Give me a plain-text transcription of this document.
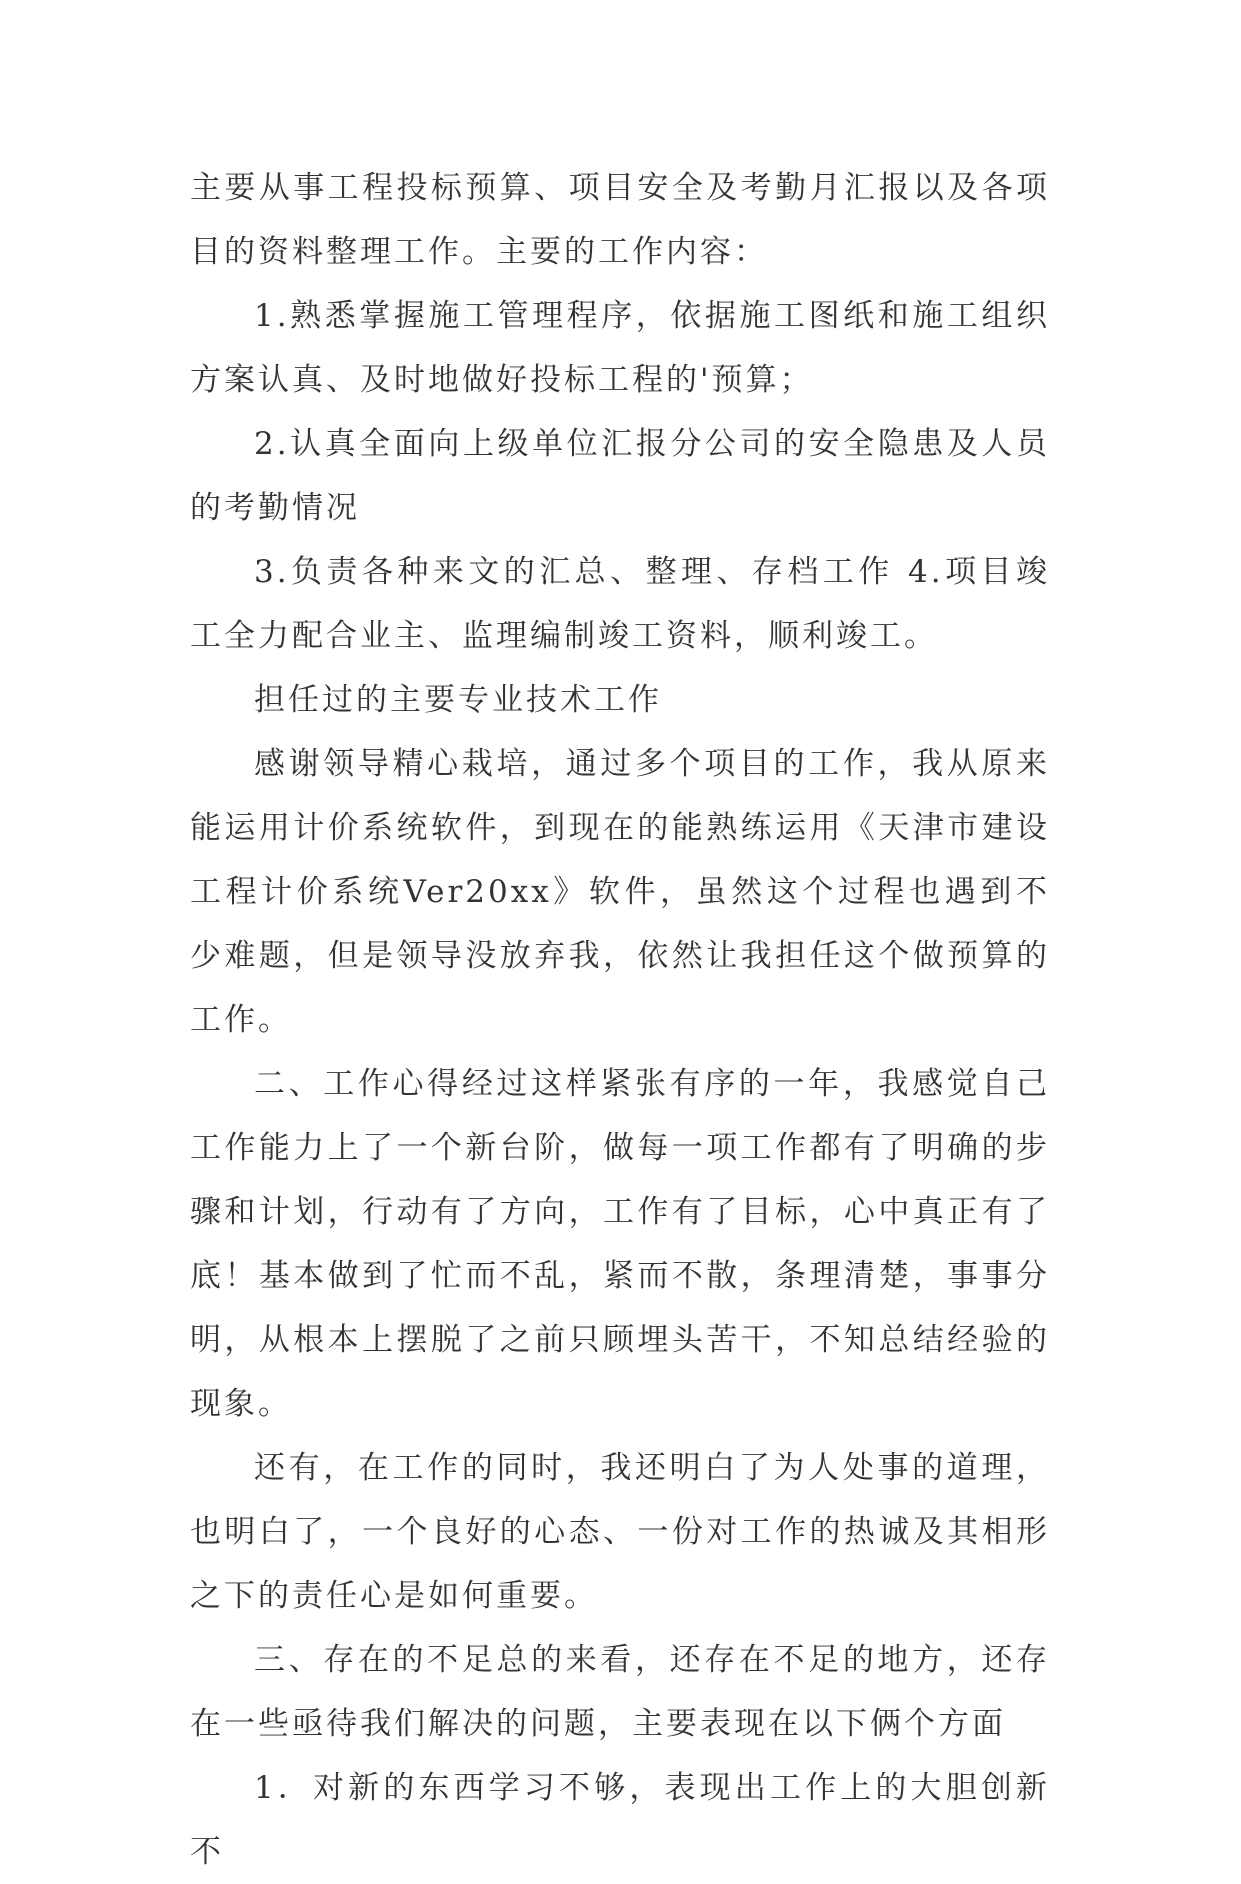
主要从事工程投标预算、项目安全及考勤月汇报以及各项目的资料整理工作。主要的工作内容：

1.熟悉掌握施工管理程序，依据施工图纸和施工组织方案认真、及时地做好投标工程的'预算；

2.认真全面向上级单位汇报分公司的安全隐患及人员的考勤情况

3.负责各种来文的汇总、整理、存档工作 4.项目竣工全力配合业主、监理编制竣工资料，顺利竣工。

担任过的主要专业技术工作

感谢领导精心栽培，通过多个项目的工作，我从原来能运用计价系统软件，到现在的能熟练运用《天津市建设工程计价系统Ver20xx》软件，虽然这个过程也遇到不少难题，但是领导没放弃我，依然让我担任这个做预算的工作。

二、工作心得经过这样紧张有序的一年，我感觉自己工作能力上了一个新台阶，做每一项工作都有了明确的步骤和计划，行动有了方向，工作有了目标，心中真正有了底！基本做到了忙而不乱，紧而不散，条理清楚，事事分明，从根本上摆脱了之前只顾埋头苦干，不知总结经验的现象。

还有，在工作的同时，我还明白了为人处事的道理，也明白了，一个良好的心态、一份对工作的热诚及其相形之下的责任心是如何重要。

三、存在的不足总的来看，还存在不足的地方，还存在一些亟待我们解决的问题，主要表现在以下俩个方面

1．对新的东西学习不够，表现出工作上的大胆创新不
